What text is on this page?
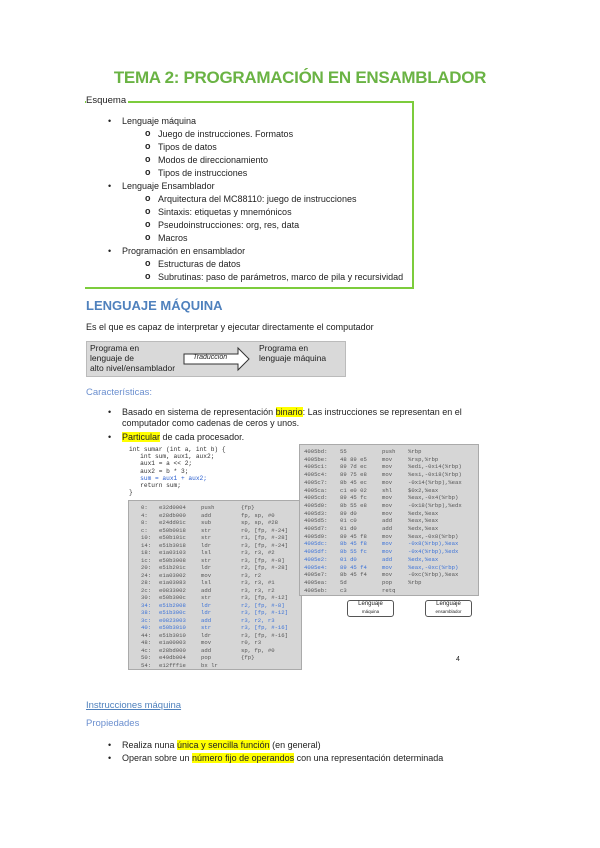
TEMA 2: PROGRAMACIÓN EN ENSAMBLADOR
Esquema
• Lenguaje máquina
o Juego de instrucciones. Formatos
o Tipos de datos
o Modos de direccionamiento
o Tipos de instrucciones
• Lenguaje Ensamblador
o Arquitectura del MC88110: juego de instrucciones
o Sintaxis: etiquetas y mnemónicos
o Pseudoinstrucciones: org, res, data
o Macros
• Programación en ensamblador
o Estructuras de datos
o Subrutinas: paso de parámetros, marco de pila y recursividad
LENGUAJE MÁQUINA
Es el que es capaz de interpretar y ejecutar directamente el computador
Programa en
lenguaje de
alto nivel/ensamblador
Traducción
Programa en
lenguaje máquina
Características:
• Basado en sistema de representación binario: Las instrucciones se representan en el
computador como cadenas de ceros y unos.
• Particular de cada procesador.
0: e32d0004	push	{fp}
4: e28db000	add	fp, sp, #0
8: e24dd01c	sub	sp, sp, #28
c: e50b0018	str	r0, [fp, #-24]
10: e50b101c	str	r1, [fp, #-28]
14: e51b3018	ldr	r3, [fp, #-24]
18: e1a03103	lsl	r3, r3, #2
1c: e50b3008	str	r3, [fp, #-8]
20: e51b201c	ldr	r2, [fp, #-28]
24: e1a03002	mov	r3, r2
28: e1a03083	lsl	r3, r3, #1
2c: e0833002	add	r3, r3, r2
30: e50b300c	str	r3, [fp, #-12]
34: e51b2008	ldr	r2, [fp, #-8]
38: e51b300c	ldr	r3, [fp, #-12]
3c: e0823003	add	r3, r2, r3
40: e50b3010	str	r3, [fp, #-16]
44: e51b3010	ldr	r3, [fp, #-16]
48: e1a00003	mov	r0, r3
4c: e28bd000	add	sp, fp, #0
50: e49db004	pop	{fp}
54: e12fff1e	bx lr
4005bd: 55	push %rbp
4005be: 48 89 e5	mov	%rsp,%rbp
4005c1: 89 7d ec	mov	%edi,-0x14(%rbp)
4005c4: 89 75 e8	mov	%esi,-0x18(%rbp)
4005c7: 8b 45 ec	mov	-0x14(%rbp),%eax
4005ca: c1 e0 02	shl	$0x2,%eax
4005cd: 89 45 fc	mov	%eax,-0x4(%rbp)
4005d0: 8b 55 e8	mov	-0x18(%rbp),%edx
4005d3: 89 d0	mov	%edx,%eax
4005d5: 01 c0	add	%eax,%eax
4005d7: 01 d0	add	%edx,%eax
4005d9: 89 45 f8	mov	%eax,-0x8(%rbp)
4005dc: 8b 45 f8	mov	-0x8(%rbp),%eax
4005df: 8b 55 fc	mov	-0x4(%rbp),%edx
4005e2: 01 d0	add	%edx,%eax
4005e4: 89 45 f4	mov	%eax,-0xc(%rbp)
4005e7: 8b 45 f4	mov	-0xc(%rbp),%eax
4005ea: 5d	pop	%rbp
4005eb: c3	retq
int sumar (int a, int b) {
int sum, aux1, aux2;
aux1 = a << 2;
aux2 = b * 3;
sum = aux1 + aux2;
return sum;
}
Lenguaje
máquina
Lenguaje
ensamblador
4
Instrucciones máquina
Propiedades
• Realiza nuna única y sencilla función (en general)
• Operan sobre un número fijo de operandos con una representación determinada
